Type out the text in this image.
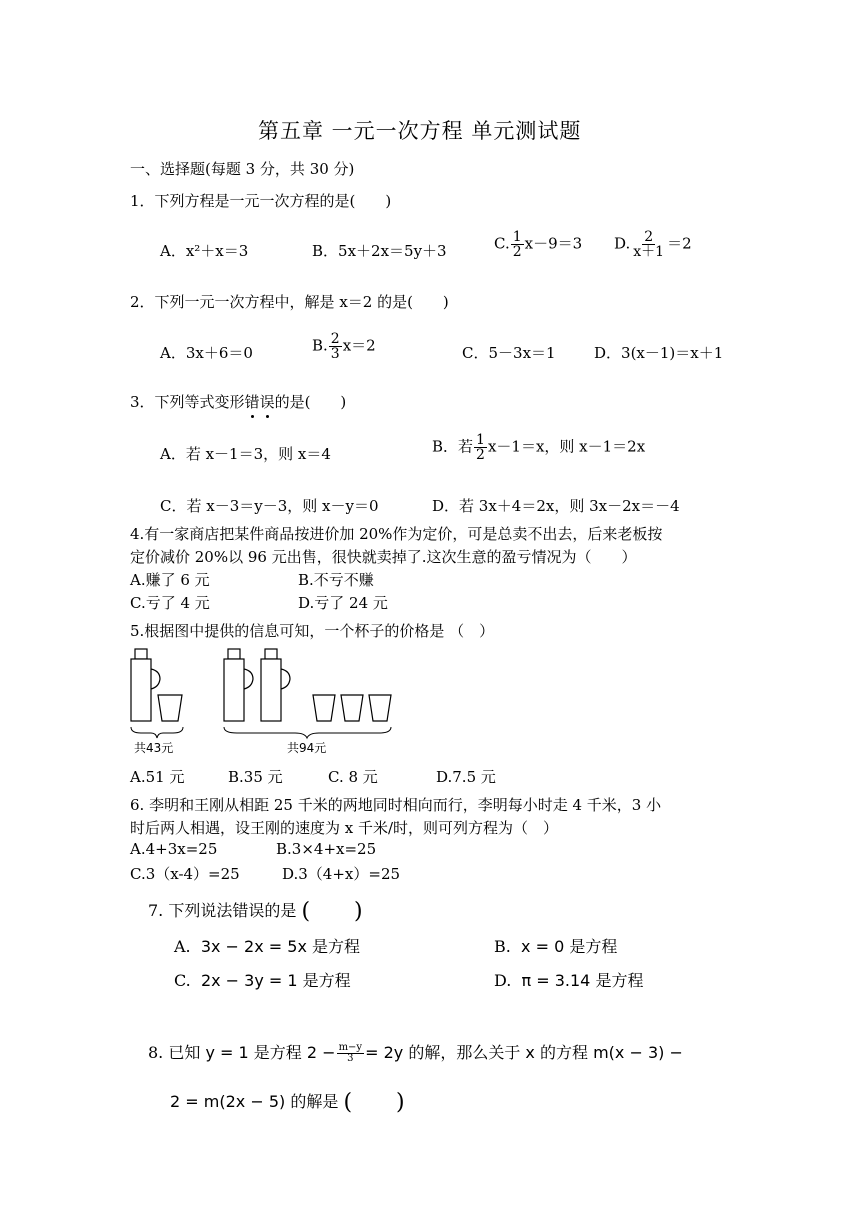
第五章 一元一次方程 单元测试题
一、选择题(每题 3 分，共 30 分)
1．下列方程是一元一次方程的是(　　)
A．x²＋x＝3	B．5x＋2x＝5y＋3	C. $\frac{1}{2} x-9=3$ D. $\frac{2}{x+1} =2$
2．下列一元一次方程中，解是 x＝2 的是(　　)
A．3x＋6＝0	B. $\frac{2}{3} x=2$	C．5－3x＝1	D．3(x－1)＝x＋1
3．下列等式变形错误的是(　　)
A．若 x－1＝3，则 x＝4	B．若 $\frac{1}{2} x-1=x$，则 x－1＝2x
C．若 x－3＝y－3，则 x－y＝0	D．若 3x＋4＝2x，则 3x－2x＝－4
4.有一家商店把某件商品按进价加 20%作为定价，可是总卖不出去，后来老板按
定价减价 20%以 96 元出售，很快就卖掉了.这次生意的盈亏情况为（　　）
A.赚了 6 元	B.不亏不赚
C.亏了 4 元	D.亏了 24 元
5.根据图中提供的信息可知，一个杯子的价格是 （　）
共43元	共94元
A.51 元	B.35 元	C. 8 元	D.7.5 元
6. 李明和王刚从相距 25 千米的两地同时相向而行，李明每小时走 4 千米，3 小
时后两人相遇，设王刚的速度为 x 千米/时，则可列方程为（　）
A.4+3x=25	B.3×4+x=25
C.3（x-4）=25	D.3（4+x）=25
7. 下列说法错误的是 (　　)
A. 3x − 2x = 5x 是方程	B. x = 0 是方程
C. 2x − 3y = 1 是方程	D. π = 3.14 是方程
8. 已知 y = 1 是方程 $2 - \frac{m-y}{3} = 2y$ 的解，那么关于 x 的方程 m(x − 3) −
2 = m(2x − 5) 的解是 (　　)
